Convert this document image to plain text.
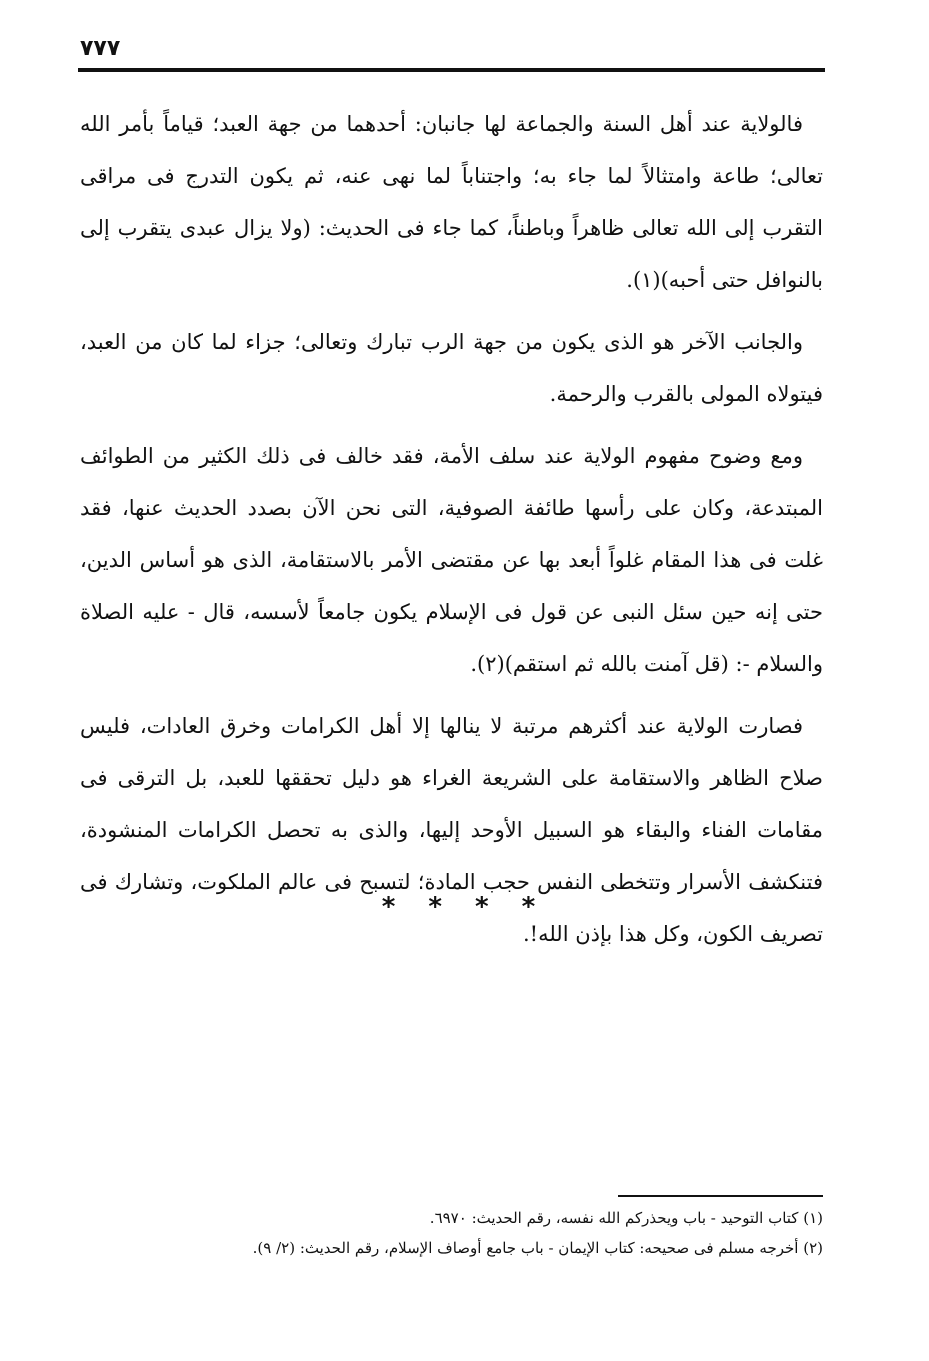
٧٧٧

فالولاية عند أهل السنة والجماعة لها جانبان: أحدهما من جهة العبد؛ قياماً بأمر الله تعالى؛ طاعة وامتثالاً لما جاء به؛ واجتناباً لما نهى عنه، ثم يكون التدرج فى مراقى التقرب إلى الله تعالى ظاهراً وباطناً، كما جاء فى الحديث: (ولا يزال عبدى يتقرب إلى بالنوافل حتى أحبه)(١).

والجانب الآخر هو الذى يكون من جهة الرب تبارك وتعالى؛ جزاء لما كان من العبد، فيتولاه المولى بالقرب والرحمة.

ومع وضوح مفهوم الولاية عند سلف الأمة، فقد خالف فى ذلك الكثير من الطوائف المبتدعة، وكان على رأسها طائفة الصوفية، التى نحن الآن بصدد الحديث عنها، فقد غلت فى هذا المقام غلواً أبعد بها عن مقتضى الأمر بالاستقامة، الذى هو أساس الدين، حتى إنه حين سئل النبى عن قول فى الإسلام يكون جامعاً لأسسه، قال - عليه الصلاة والسلام -: (قل آمنت بالله ثم استقم)(٢).

فصارت الولاية عند أكثرهم مرتبة لا ينالها إلا أهل الكرامات وخرق العادات، فليس صلاح الظاهر والاستقامة على الشريعة الغراء هو دليل تحققها للعبد، بل الترقى فى مقامات الفناء والبقاء هو السبيل الأوحد إليها، والذى به تحصل الكرامات المنشودة، فتنكشف الأسرار وتتخطى النفس حجب المادة؛ لتسبح فى عالم الملكوت، وتشارك فى تصريف الكون، وكل هذا بإذن الله!.

* * * *

(١) كتاب التوحيد - باب ويحذركم الله نفسه، رقم الحديث: ٦٩٧٠.

(٢) أخرجه مسلم فى صحيحه: كتاب الإيمان - باب جامع أوصاف الإسلام، رقم الحديث: (٢/ ٩).
